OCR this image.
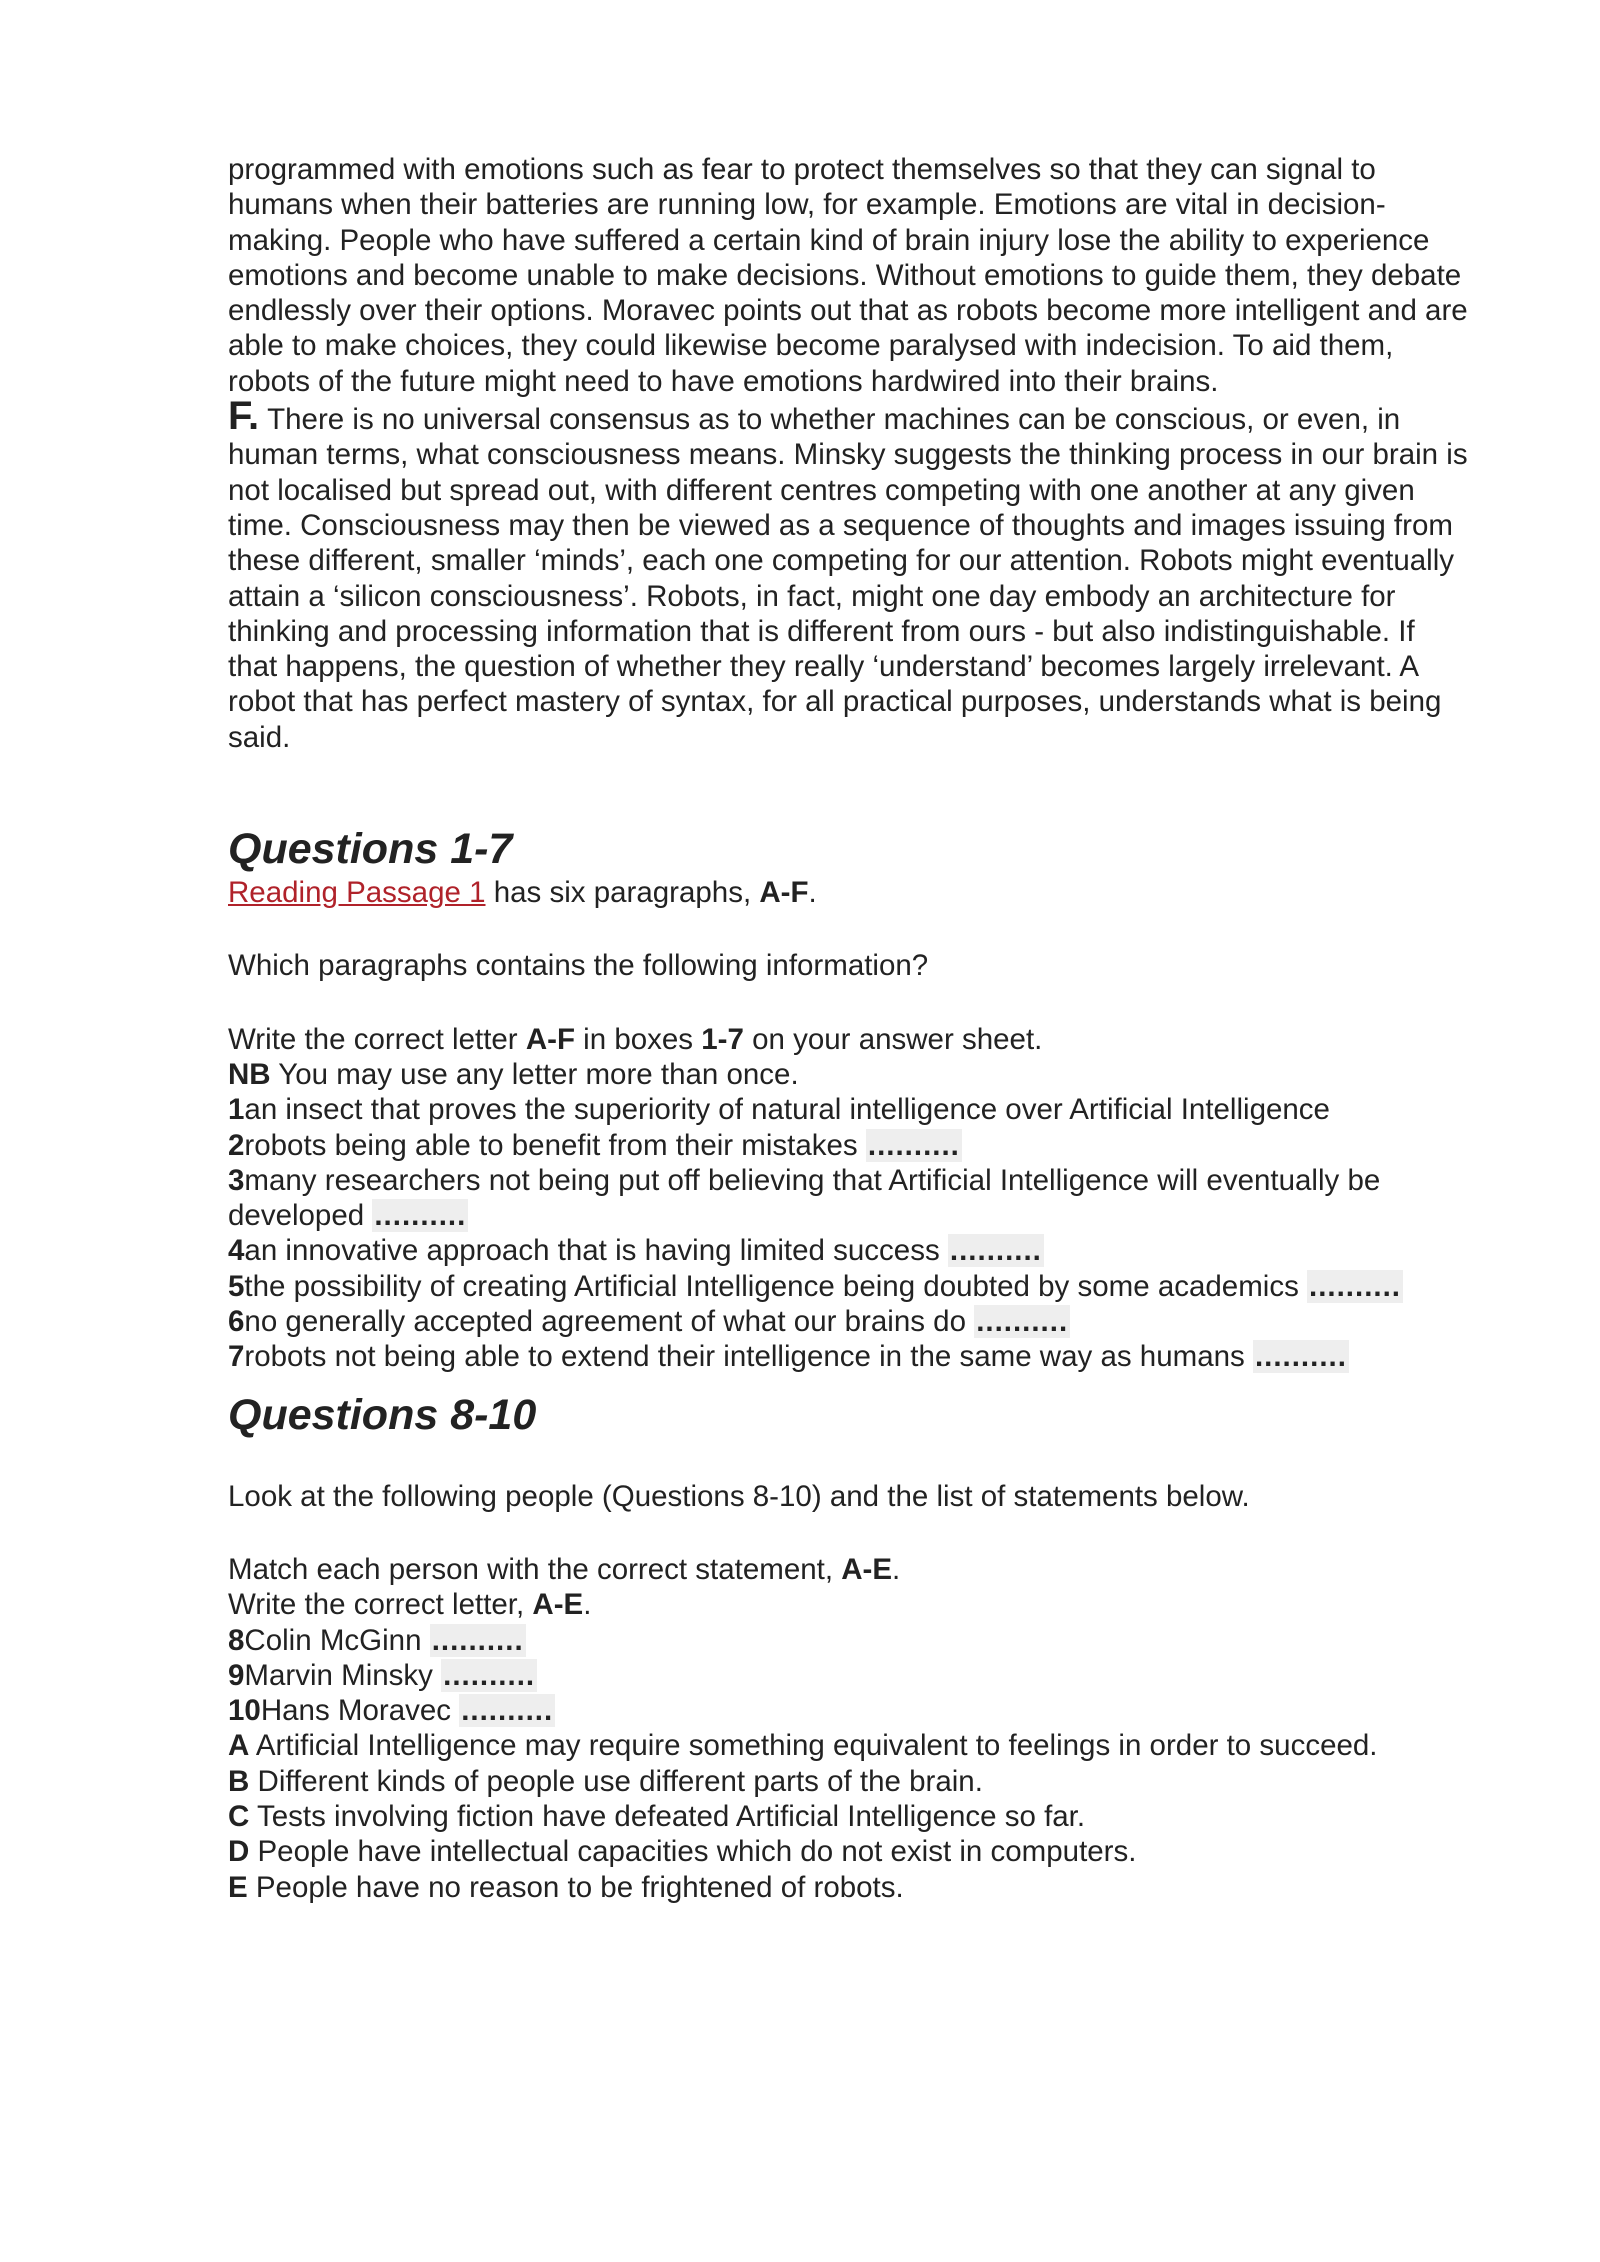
programmed with emotions such as fear to protect themselves so that they can signal to humans when their batteries are running low, for example. Emotions are vital in decision-making. People who have suffered a certain kind of brain injury lose the ability to experience emotions and become unable to make decisions. Without emotions to guide them, they debate endlessly over their options. Moravec points out that as robots become more intelligent and are able to make choices, they could likewise become paralysed with indecision. To aid them, robots of the future might need to have emotions hardwired into their brains.

F. There is no universal consensus as to whether machines can be conscious, or even, in human terms, what consciousness means. Minsky suggests the thinking process in our brain is not localised but spread out, with different centres competing with one another at any given time. Consciousness may then be viewed as a sequence of thoughts and images issuing from these different, smaller ‘minds’, each one competing for our attention. Robots might eventually attain a ‘silicon consciousness’. Robots, in fact, might one day embody an architecture for thinking and processing information that is different from ours - but also indistinguishable. If that happens, the question of whether they really ‘understand’ becomes largely irrelevant. A robot that has perfect mastery of syntax, for all practical purposes, understands what is being said.

Questions 1-7

Reading Passage 1 has six paragraphs, A-F.

Which paragraphs contains the following information?

Write the correct letter A-F in boxes 1-7 on your answer sheet.

NB You may use any letter more than once.

1an insect that proves the superiority of natural intelligence over Artificial Intelligence

2robots being able to benefit from their mistakes ..........

3many researchers not being put off believing that Artificial Intelligence will eventually be developed ..........

4an innovative approach that is having limited success ..........

5the possibility of creating Artificial Intelligence being doubted by some academics ..........

6no generally accepted agreement of what our brains do ..........

7robots not being able to extend their intelligence in the same way as humans ..........

Questions 8-10

Look at the following people (Questions 8-10) and the list of statements below.

Match each person with the correct statement, A-E.

Write the correct letter, A-E.

8Colin McGinn ..........

9Marvin Minsky ..........

10Hans Moravec ..........

A Artificial Intelligence may require something equivalent to feelings in order to succeed.

B Different kinds of people use different parts of the brain.

C Tests involving fiction have defeated Artificial Intelligence so far.

D People have intellectual capacities which do not exist in computers.

E People have no reason to be frightened of robots.
